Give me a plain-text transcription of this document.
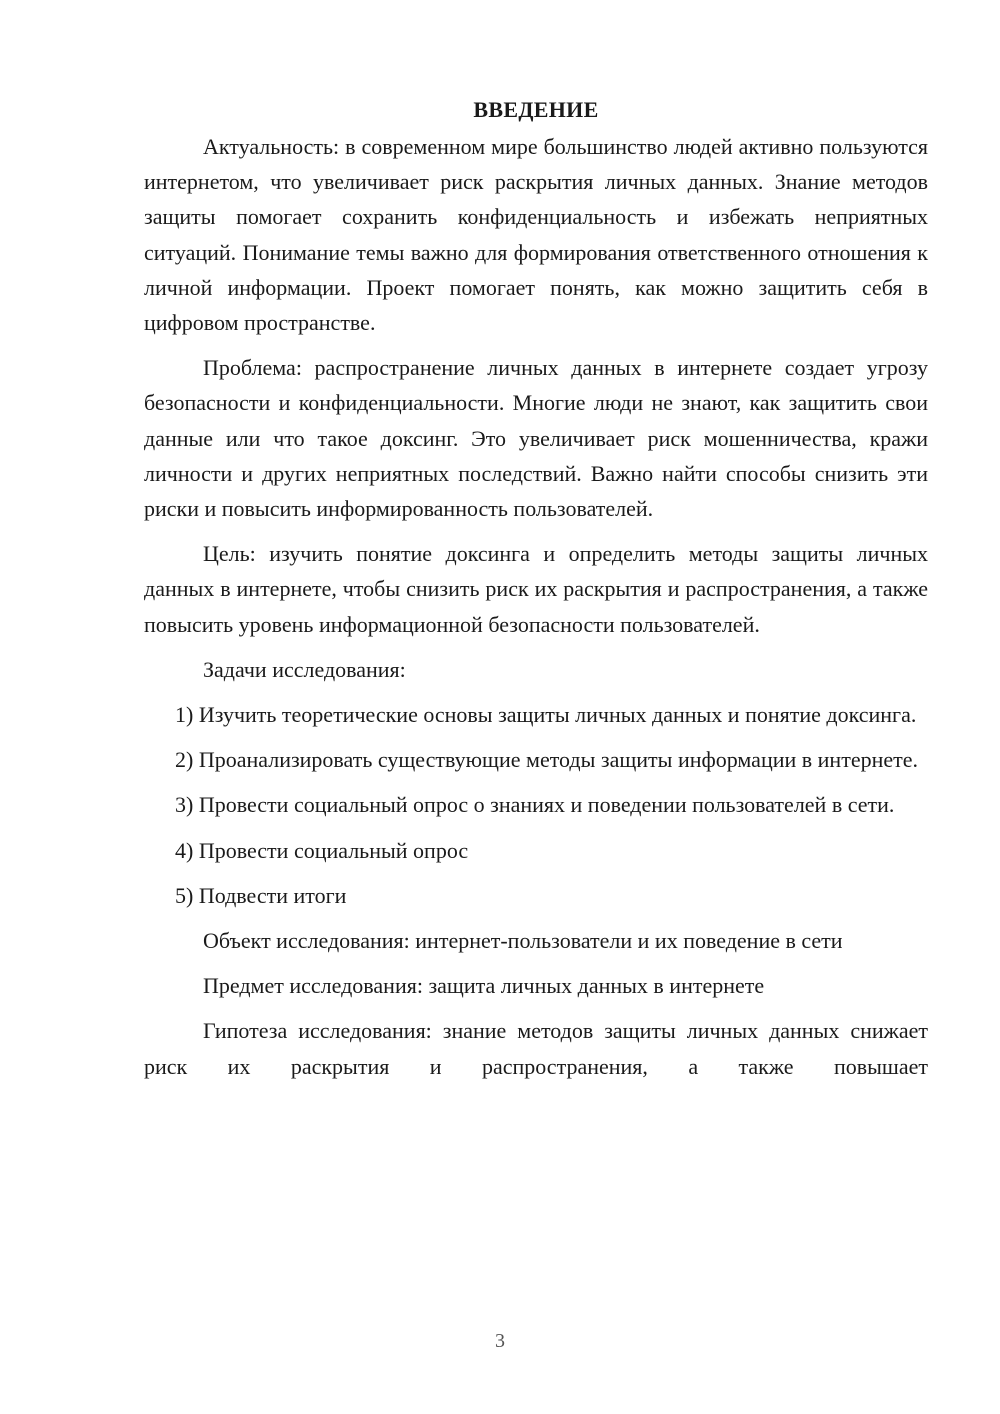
ВВЕДЕНИЕ

Актуальность: в современном мире большинство людей активно пользуются интернетом, что увеличивает риск раскрытия личных данных. Знание методов защиты помогает сохранить конфиденциальность и избежать неприятных ситуаций. Понимание темы важно для формирования ответственного отношения к личной информации. Проект помогает понять, как можно защитить себя в цифровом пространстве.

Проблема: распространение личных данных в интернете создает угрозу безопасности и конфиденциальности. Многие люди не знают, как защитить свои данные или что такое доксинг. Это увеличивает риск мошенничества, кражи личности и других неприятных последствий. Важно найти способы снизить эти риски и повысить информированность пользователей.

Цель: изучить понятие доксинга и определить методы защиты личных данных в интернете, чтобы снизить риск их раскрытия и распространения, а также повысить уровень информационной безопасности пользователей.

Задачи исследования:

1) Изучить теоретические основы защиты личных данных и понятие доксинга.

2) Проанализировать существующие методы защиты информации в интернете.

3) Провести социальный опрос о знаниях и поведении пользователей в сети.

4) Провести социальный опрос

5) Подвести итоги

Объект исследования: интернет-пользователи и их поведение в сети

Предмет исследования: защита личных данных в интернете

Гипотеза исследования: знание методов защиты личных данных снижает риск их раскрытия и распространения, а также повышает

3
